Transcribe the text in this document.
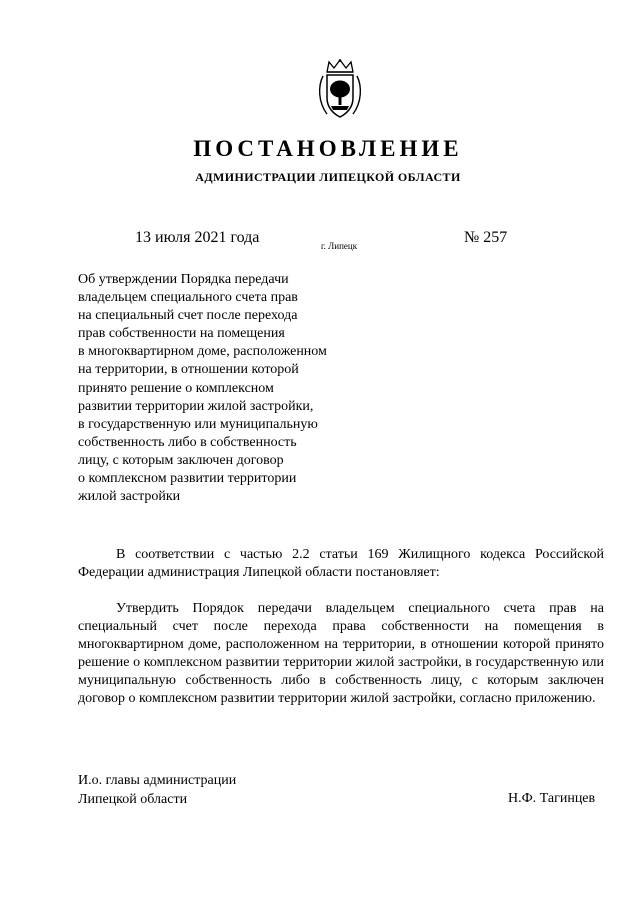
ПОСТАНОВЛЕНИЕ
АДМИНИСТРАЦИИ ЛИПЕЦКОЙ ОБЛАСТИ
13 июля 2021 года	г. Липецк	№ 257
Об утверждении Порядка передачи
владельцем специального счета прав
на специальный счет после перехода
прав собственности на помещения
в многоквартирном доме, расположенном
на территории, в отношении которой
принято решение о комплексном
развитии территории жилой застройки,
в государственную или муниципальную
собственность либо в собственность
лицу, с которым заключен договор
о комплексном развитии территории
жилой застройки
В соответствии с частью 2.2 статьи 169 Жилищного кодекса Российской Федерации администрация Липецкой области постановляет:
Утвердить Порядок передачи владельцем специального счета прав на специальный счет после перехода права собственности на помещения в многоквартирном доме, расположенном на территории, в отношении которой принято решение о комплексном развитии территории жилой застройки, в государственную или муниципальную собственность либо в собственность лицу, с которым заключен договор о комплексном развитии территории жилой застройки, согласно приложению.
И.о. главы администрации
Липецкой области	Н.Ф. Тагинцев
